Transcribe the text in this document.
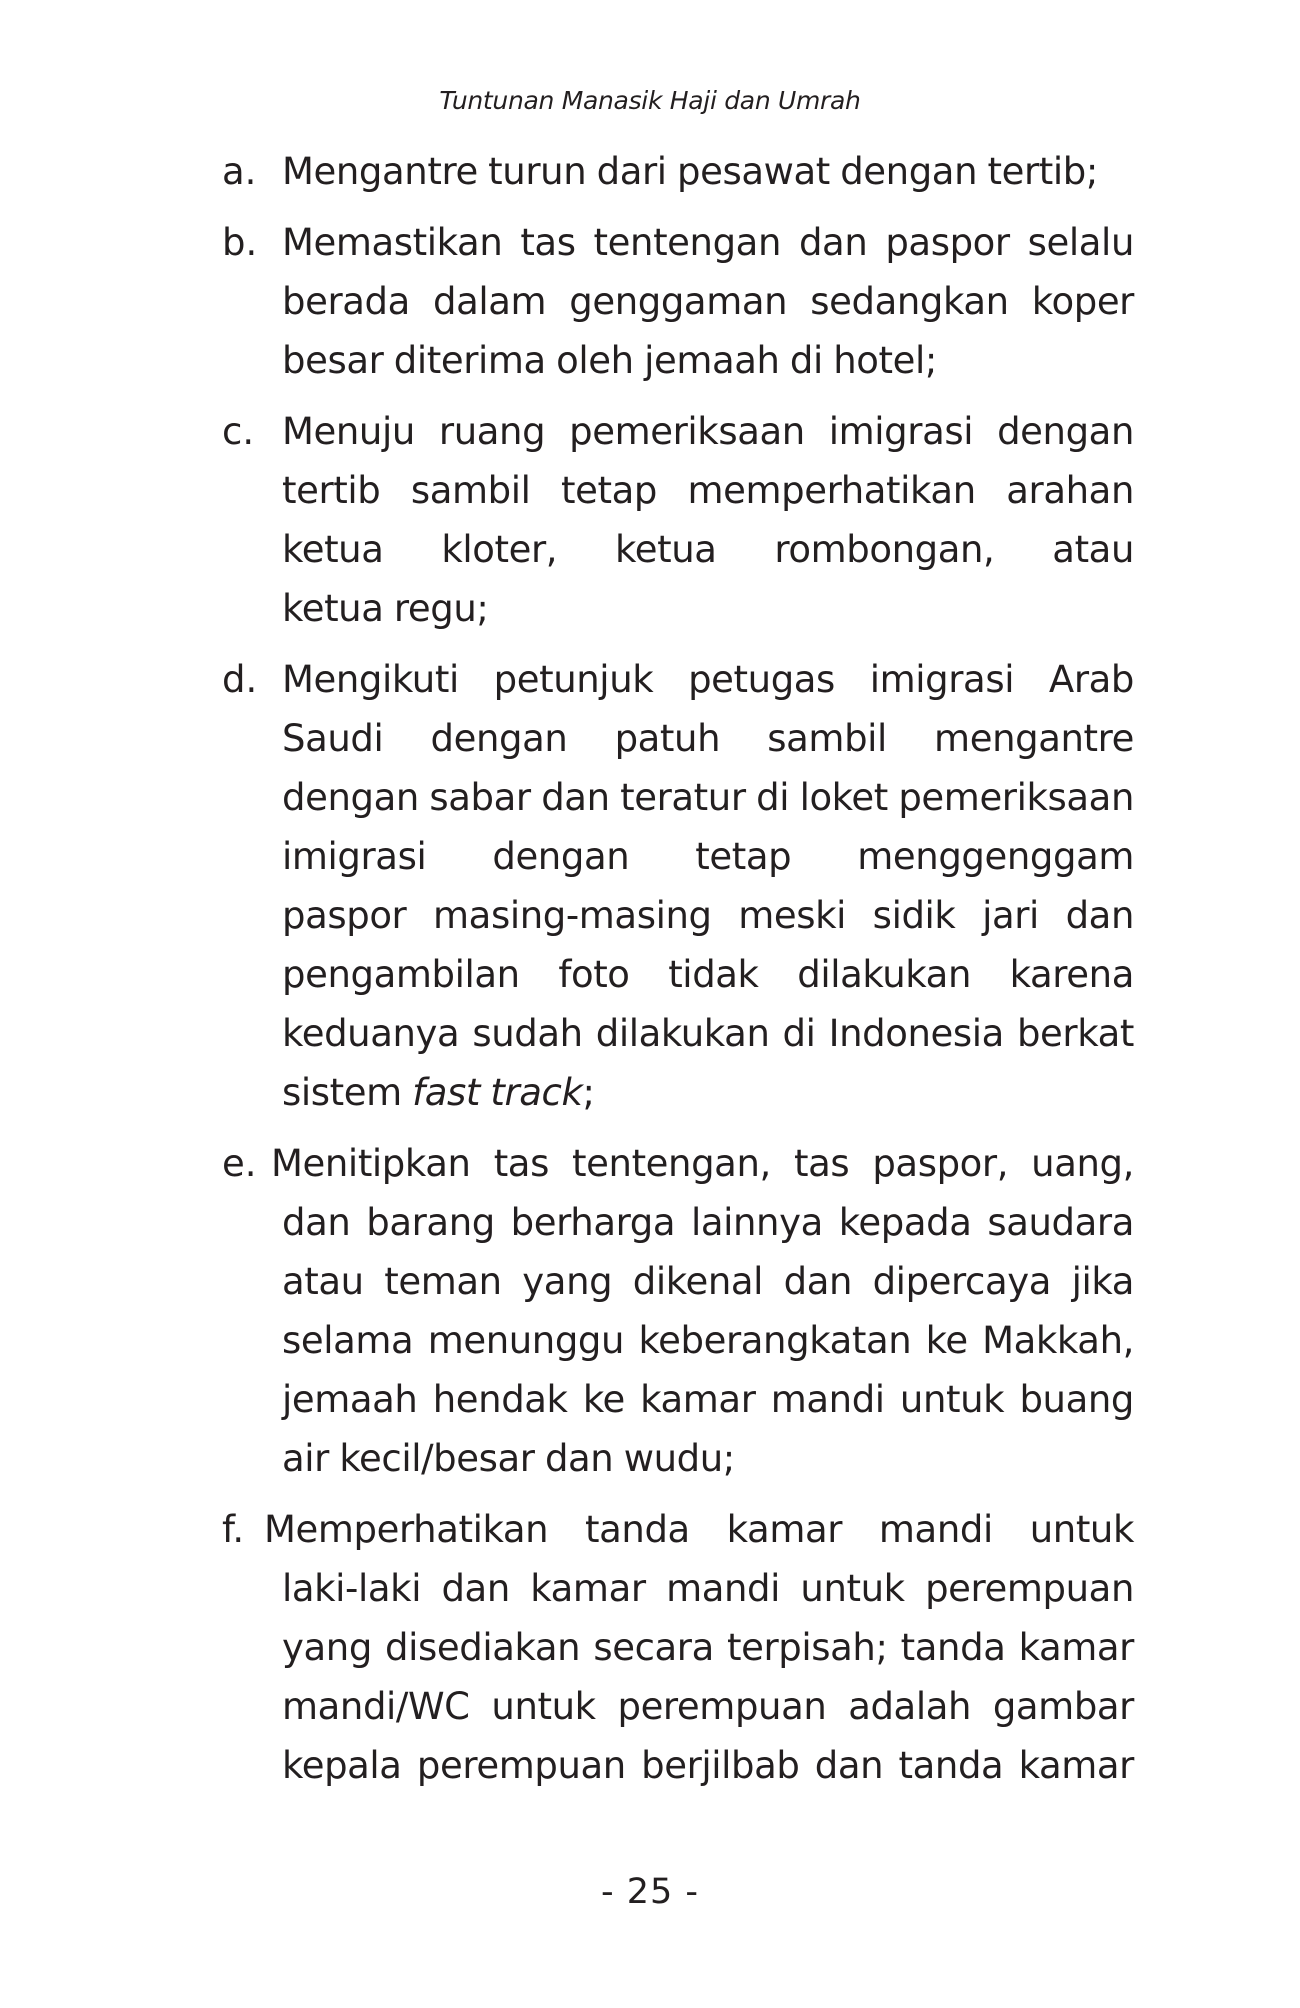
Tuntunan Manasik Haji dan Umrah
a. Mengantre turun dari pesawat dengan tertib;
b. Memastikan tas tentengan dan paspor selalu
berada dalam genggaman sedangkan koper
besar diterima oleh jemaah di hotel;
c. Menuju ruang pemeriksaan imigrasi dengan
tertib sambil tetap memperhatikan arahan
ketua kloter, ketua rombongan, atau
ketua regu;
d. Mengikuti petunjuk petugas imigrasi Arab
Saudi dengan patuh sambil mengantre
dengan sabar dan teratur di loket pemeriksaan
imigrasi dengan tetap menggenggam
paspor masing-masing meski sidik jari dan
pengambilan foto tidak dilakukan karena
keduanya sudah dilakukan di Indonesia berkat
sistem fast track;
e. Menitipkan tas tentengan, tas paspor, uang,
dan barang berharga lainnya kepada saudara
atau teman yang dikenal dan dipercaya jika
selama menunggu keberangkatan ke Makkah,
jemaah hendak ke kamar mandi untuk buang
air kecil/besar dan wudu;
f. Memperhatikan tanda kamar mandi untuk
laki-laki dan kamar mandi untuk perempuan
yang disediakan secara terpisah; tanda kamar
mandi/WC untuk perempuan adalah gambar
kepala perempuan berjilbab dan tanda kamar
- 25 -
